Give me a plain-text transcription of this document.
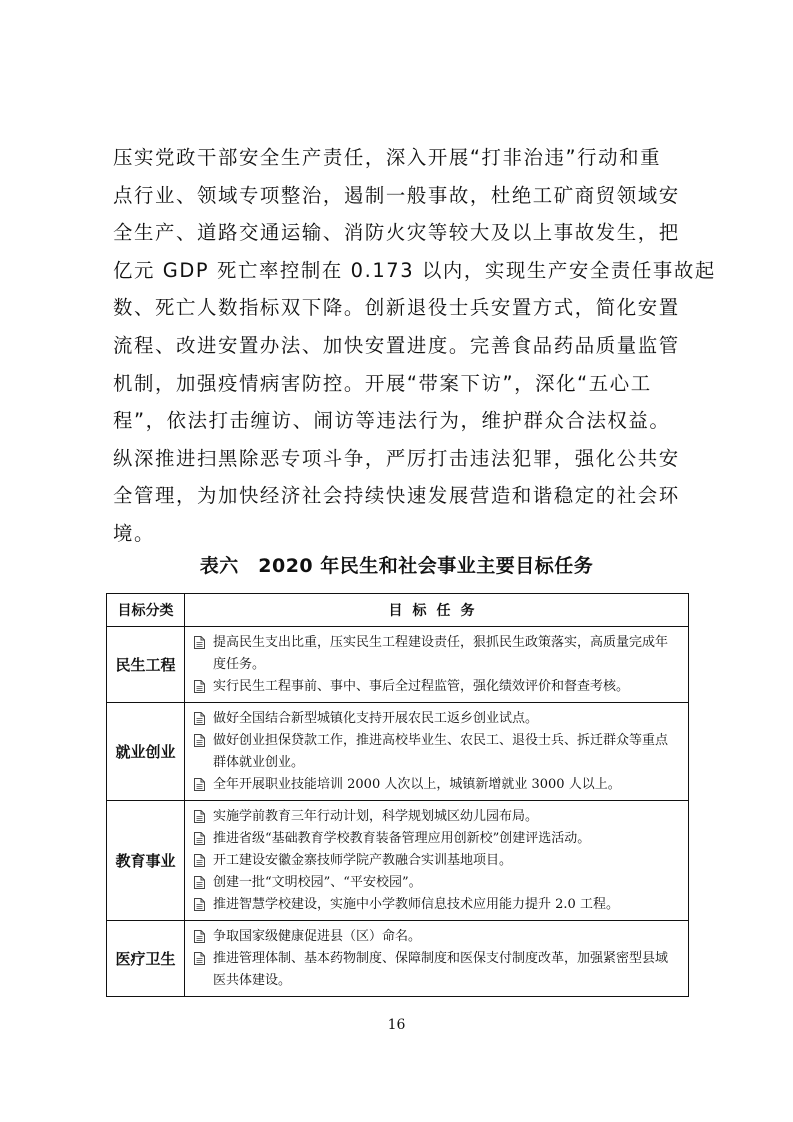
压实党政干部安全生产责任，深入开展“打非治违”行动和重
点行业、领域专项整治，遏制一般事故，杜绝工矿商贸领域安
全生产、道路交通运输、消防火灾等较大及以上事故发生，把
亿元 GDP 死亡率控制在 0.173 以内，实现生产安全责任事故起
数、死亡人数指标双下降。创新退役士兵安置方式，简化安置
流程、改进安置办法、加快安置进度。完善食品药品质量监管
机制，加强疫情病害防控。开展“带案下访”，深化“五心工
程”，依法打击缠访、闹访等违法行为，维护群众合法权益。
纵深推进扫黑除恶专项斗争，严厉打击违法犯罪，强化公共安
全管理，为加快经济社会持续快速发展营造和谐稳定的社会环
境。
表六　2020 年民生和社会事业主要目标任务
目标分类	目标任务
民生工程	提高民生支出比重，压实民生工程建设责任，狠抓民生政策落实，高质量完成年度任务。
实行民生工程事前、事中、事后全过程监管，强化绩效评价和督查考核。

就业创业	做好全国结合新型城镇化支持开展农民工返乡创业试点。
做好创业担保贷款工作，推进高校毕业生、农民工、退役士兵、拆迁群众等重点群体就业创业。
全年开展职业技能培训 2000 人次以上，城镇新增就业 3000 人以上。

教育事业	实施学前教育三年行动计划，科学规划城区幼儿园布局。
推进省级“基础教育学校教育装备管理应用创新校”创建评选活动。
开工建设安徽金寨技师学院产教融合实训基地项目。
创建一批“文明校园”、“平安校园”。
推进智慧学校建设，实施中小学教师信息技术应用能力提升 2.0 工程。

医疗卫生	争取国家级健康促进县（区）命名。
推进管理体制、基本药物制度、保障制度和医保支付制度改革，加强紧密型县域医共体建设。
16
